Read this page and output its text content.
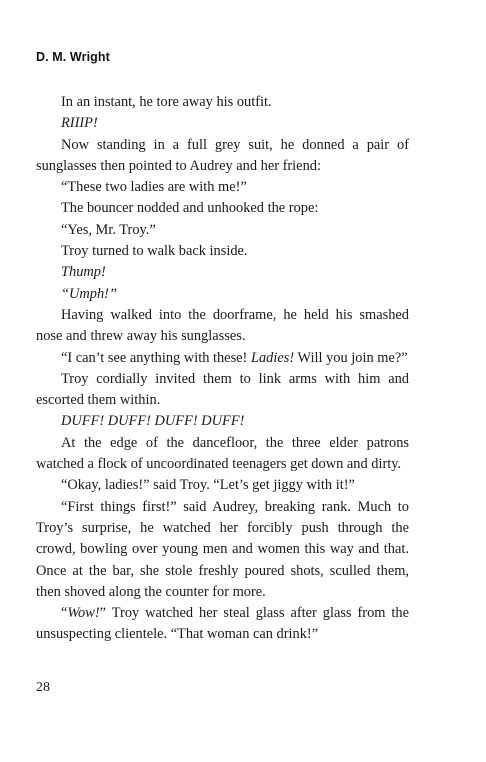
D. M. Wright

In an instant, he tore away his outfit.

RIIIP!

Now standing in a full grey suit, he donned a pair of sunglasses then pointed to Audrey and her friend:

“These two ladies are with me!”

The bouncer nodded and unhooked the rope:

“Yes, Mr. Troy.”

Troy turned to walk back inside.

Thump!

“Umph!”

Having walked into the doorframe, he held his smashed nose and threw away his sunglasses.

“I can’t see anything with these! Ladies! Will you join me?”

Troy cordially invited them to link arms with him and escorted them within.

DUFF! DUFF! DUFF! DUFF!

At the edge of the dancefloor, the three elder patrons watched a flock of uncoordinated teenagers get down and dirty.

“Okay, ladies!” said Troy. “Let’s get jiggy with it!”

“First things first!” said Audrey, breaking rank. Much to Troy’s surprise, he watched her forcibly push through the crowd, bowling over young men and women this way and that. Once at the bar, she stole freshly poured shots, sculled them, then shoved along the counter for more.

“Wow!” Troy watched her steal glass after glass from the unsuspecting clientele. “That woman can drink!”

28
